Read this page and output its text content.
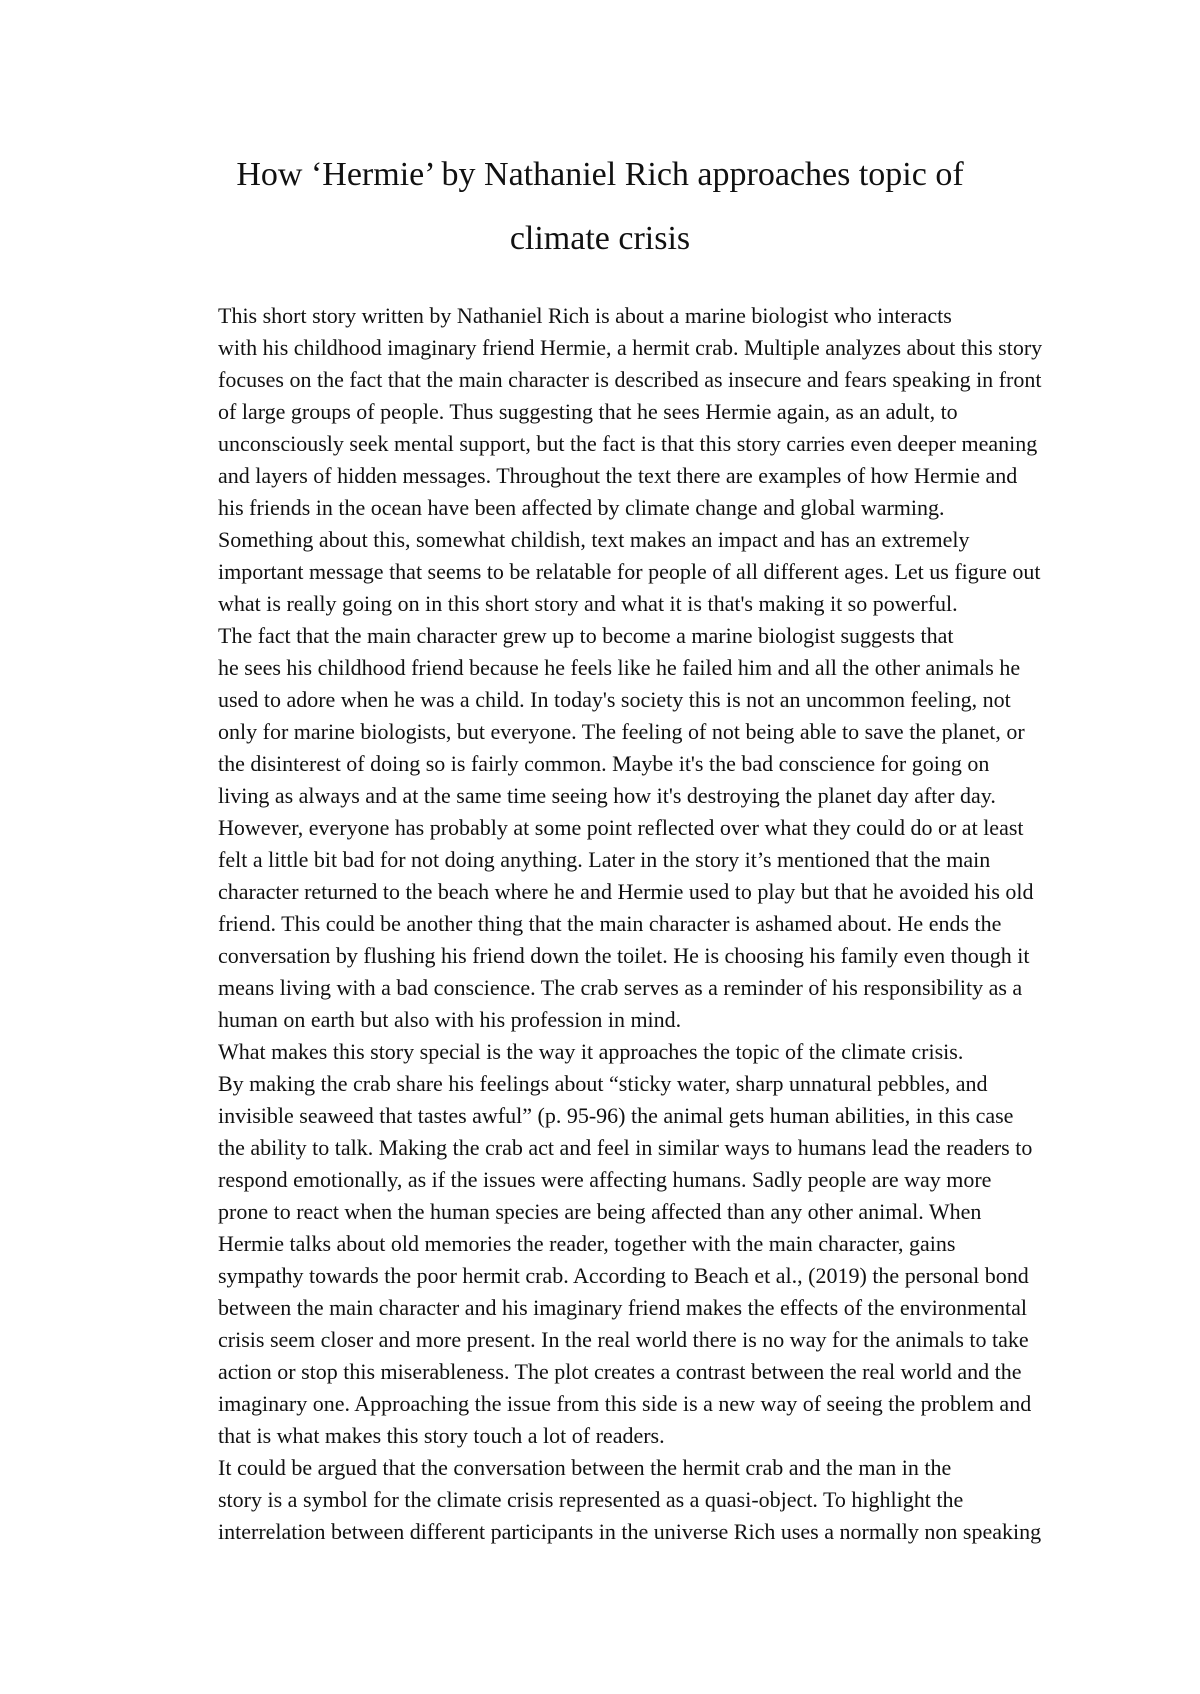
How ‘Hermie’ by Nathaniel Rich approaches topic of
climate crisis

This short story written by Nathaniel Rich is about a marine biologist who interacts
with his childhood imaginary friend Hermie, a hermit crab. Multiple analyzes about this story
focuses on the fact that the main character is described as insecure and fears speaking in front
of large groups of people. Thus suggesting that he sees Hermie again, as an adult, to
unconsciously seek mental support, but the fact is that this story carries even deeper meaning
and layers of hidden messages. Throughout the text there are examples of how Hermie and
his friends in the ocean have been affected by climate change and global warming.
Something about this, somewhat childish, text makes an impact and has an extremely
important message that seems to be relatable for people of all different ages. Let us figure out
what is really going on in this short story and what it is that's making it so powerful.

The fact that the main character grew up to become a marine biologist suggests that
he sees his childhood friend because he feels like he failed him and all the other animals he
used to adore when he was a child. In today's society this is not an uncommon feeling, not
only for marine biologists, but everyone. The feeling of not being able to save the planet, or
the disinterest of doing so is fairly common. Maybe it's the bad conscience for going on
living as always and at the same time seeing how it's destroying the planet day after day.
However, everyone has probably at some point reflected over what they could do or at least
felt a little bit bad for not doing anything. Later in the story it’s mentioned that the main
character returned to the beach where he and Hermie used to play but that he avoided his old
friend. This could be another thing that the main character is ashamed about. He ends the
conversation by flushing his friend down the toilet. He is choosing his family even though it
means living with a bad conscience. The crab serves as a reminder of his responsibility as a
human on earth but also with his profession in mind.

What makes this story special is the way it approaches the topic of the climate crisis.
By making the crab share his feelings about “sticky water, sharp unnatural pebbles, and
invisible seaweed that tastes awful” (p. 95-96) the animal gets human abilities, in this case
the ability to talk. Making the crab act and feel in similar ways to humans lead the readers to
respond emotionally, as if the issues were affecting humans. Sadly people are way more
prone to react when the human species are being affected than any other animal. When
Hermie talks about old memories the reader, together with the main character, gains
sympathy towards the poor hermit crab. According to Beach et al., (2019) the personal bond
between the main character and his imaginary friend makes the effects of the environmental
crisis seem closer and more present. In the real world there is no way for the animals to take
action or stop this miserableness. The plot creates a contrast between the real world and the
imaginary one. Approaching the issue from this side is a new way of seeing the problem and
that is what makes this story touch a lot of readers.

It could be argued that the conversation between the hermit crab and the man in the
story is a symbol for the climate crisis represented as a quasi-object. To highlight the
interrelation between different participants in the universe Rich uses a normally non speaking
